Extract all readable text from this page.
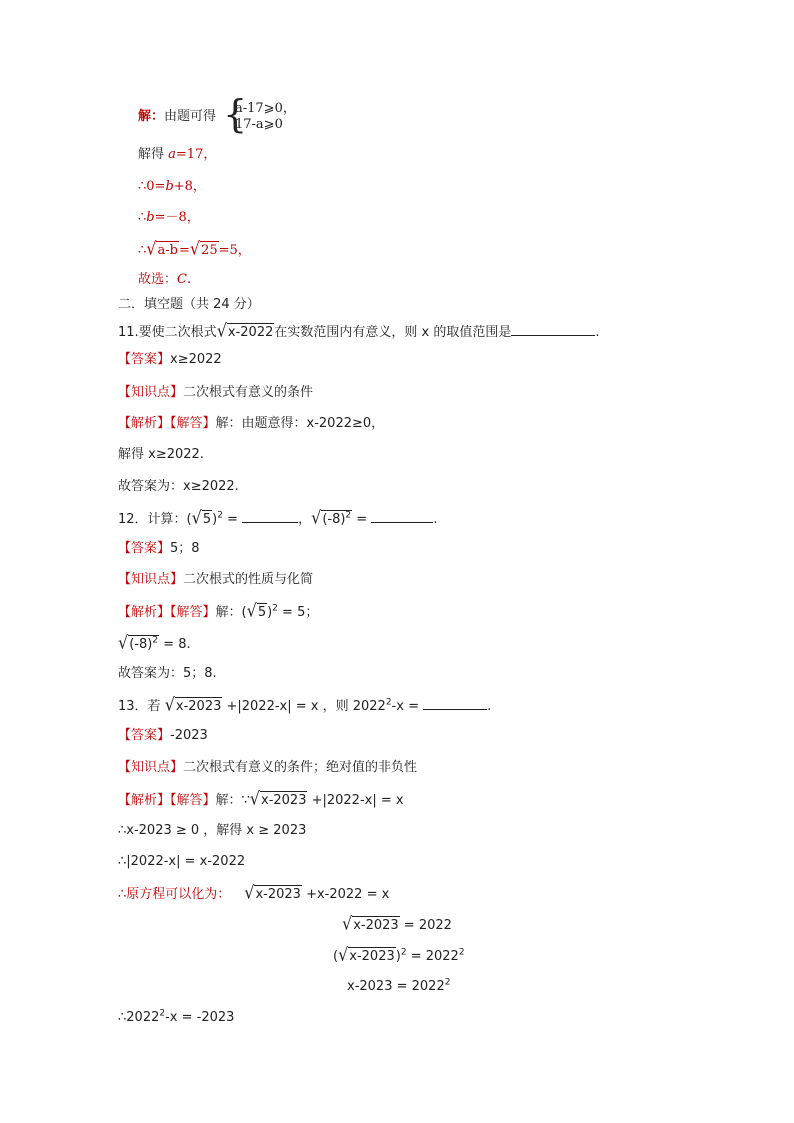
解：由题可得 {
a-17⩾0，
17-a⩾0
解得 a=17，
∴0=b+8，
∴b=－8，
∴√a-b=√25=5，
故选：C.
二．填空题（共 24 分）
11.要使二次根式√x-2022在实数范围内有意义，则 x 的取值范围是	.
【答案】x≥2022
【知识点】二次根式有意义的条件
【解析】【解答】解：由题意得：x-2022≥0，
解得 x≥2022.
故答案为：x≥2022.
12．计算：$(√5)^2$ =	，$√(-8)^2$ =	.
【答案】5；8
【知识点】二次根式的性质与化简
【解析】【解答】解：$(√5)^2 = 5$；
$√(-8)^2 = 8$.
故答案为：5；8.
13．若 √x-2023 +|2022-x| = x ，则 $2022^2-x$ =	.
【答案】-2023
【知识点】二次根式有意义的条件；绝对值的非负性
【解析】【解答】解：∵√x-2023 +|2022-x| = x
∴x-2023 ≥ 0 ，解得 x ≥ 2023
∴|2022-x| = x-2022
∴原方程可以化为： √x-2023 +x-2022 = x
√x-2023 = 2022
$(√x-2023)^2 = 2022^2$
$x-2023 = 2022^2$
$\therefore 2022^2-x = -2023$
